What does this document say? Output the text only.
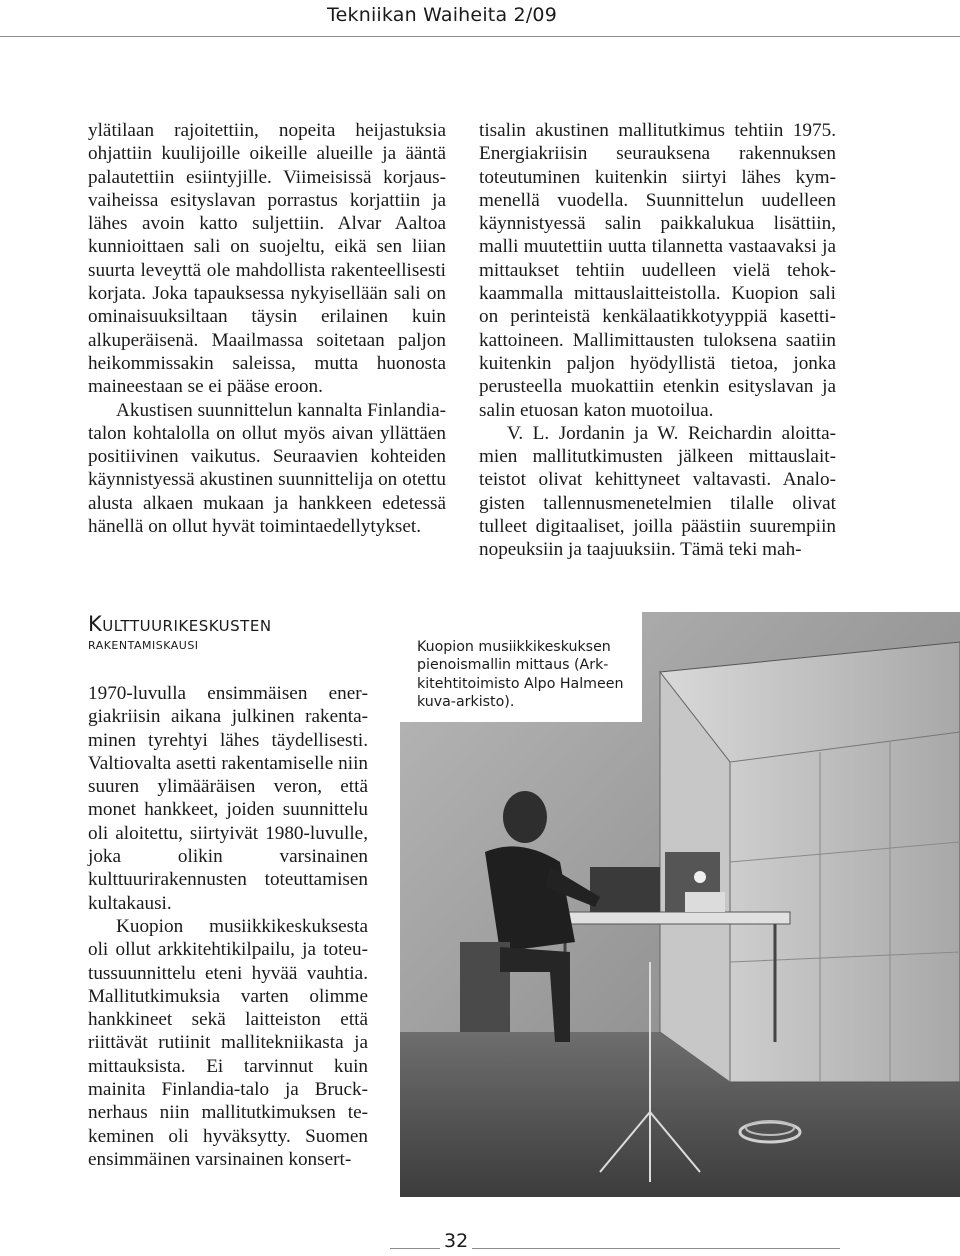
Tekniikan Waiheita 2/09

ylätilaan rajoitettiin, nopeita heijastuksia ohjattiin kuulijoille oikeille alueille ja ääntä palautettiin esiintyjille. Viimeisissä korjausvaiheissa esityslavan porrastus korjattiin ja lähes avoin katto suljettiin. Alvar Aaltoa kunnioittaen sali on suojeltu, eikä sen liian suurta leveyttä ole mahdollista rakenteellisesti korjata. Joka tapauksessa nykyisellään sali on ominaisuuksiltaan täysin erilainen kuin alkuperäisenä. Maailmassa soitetaan paljon heikommissakin saleissa, mutta huonosta maineestaan se ei pääse eroon.

Akustisen suunnittelun kannalta Finlandia-talon kohtalolla on ollut myös aivan yllättäen positiivinen vaikutus. Seuraavien kohteiden käynnistyessä akustinen suunnittelija on otettu alusta alkaen mukaan ja hankkeen edetessä hänellä on ollut hyvät toimintaedellytykset.

tisalin akustinen mallitutkimus tehtiin 1975. Energiakriisin seurauksena rakennuksen toteutuminen kuitenkin siirtyi lähes kymmenellä vuodella. Suunnittelun uudelleen käynnistyessä salin paikkalukua lisättiin, malli muutettiin uutta tilannetta vastaavaksi ja mittaukset tehtiin uudelleen vielä tehokkaammalla mittauslaitteistolla. Kuopion sali on perinteistä kenkälaatikkotyyppiä kasettikattoineen. Mallimittausten tuloksena saatiin kuitenkin paljon hyödyllistä tietoa, jonka perusteella muokattiin etenkin esityslavan ja salin etuosan katon muotoilua.

V. L. Jordanin ja W. Reichardin aloittamien mallitutkimusten jälkeen mittauslaitteistot olivat kehittyneet valtavasti. Analogisten tallennusmenetelmien tilalle olivat tulleet digitaaliset, joilla päästiin suurempiin nopeuksiin ja taajuuksiin. Tämä teki mah-

Kulttuurikeskusten
rakentamiskausi

1970-luvulla ensimmäisen energiakriisin aikana julkinen rakentaminen tyrehtyi lähes täydellisesti. Valtiovalta asetti rakentamiselle niin suuren ylimääräisen veron, että monet hankkeet, joiden suunnittelu oli aloitettu, siirtyivät 1980-luvulle, joka olikin varsinainen kulttuurirakennusten toteuttamisen kultakausi.

Kuopion musiikkikeskuksesta oli ollut arkkitehtikilpailu, ja toteutussuunnittelu eteni hyvää vauhtia. Mallitutkimuksia varten olimme hankkineet sekä laitteiston että riittävät rutiinit mallitekniikasta ja mittauksista. Ei tarvinnut kuin mainita Finlandia-talo ja Brucknerhaus niin mallitutkimuksen tekeminen oli hyväksytty. Suomen ensimmäinen varsinainen konsert-

Kuopion musiikkikeskuksen pienoismallin mittaus (Arkkitehtitoimisto Alpo Halmeen kuva-arkisto).
32
